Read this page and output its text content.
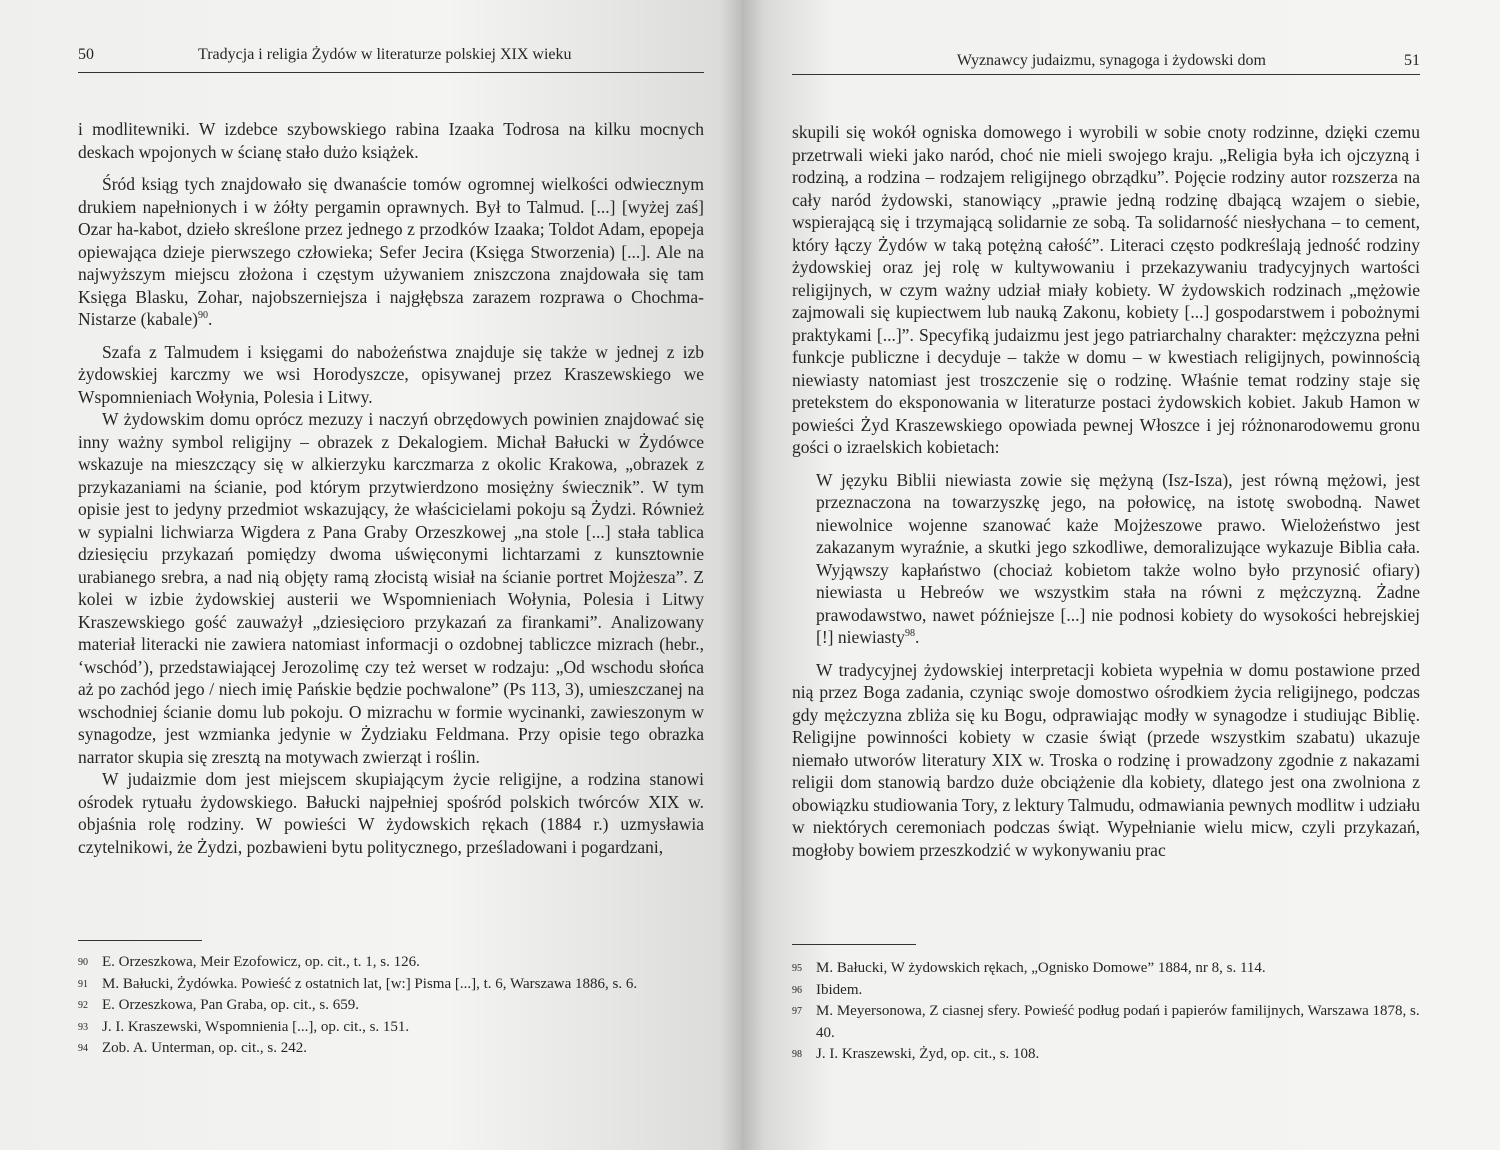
50	Tradycja i religia Żydów w literaturze polskiej XIX wieku

i modlitewniki. W izdebce szybowskiego rabina Izaaka Todrosa na kilku mocnych deskach wpojonych w ścianę stało dużo książek.

Śród ksiąg tych znajdowało się dwanaście tomów ogromnej wielkości odwiecznym drukiem napełnionych i w żółty pergamin oprawnych. Był to Talmud. [...] [wyżej zaś] Ozar ha-kabot, dzieło skreślone przez jednego z przodków Izaaka; Toldot Adam, epopeja opiewająca dzieje pierwszego człowieka; Sefer Jecira (Księga Stworzenia) [...]. Ale na najwyższym miejscu złożona i częstym używaniem zniszczona znajdowała się tam Księga Blasku, Zohar, najobszerniejsza i najgłębsza zarazem rozprawa o Chochma-Nistarze (kabale)$^{90}$.

Szafa z Talmudem i księgami do nabożeństwa znajduje się także w jednej z izb żydowskiej karczmy we wsi Horodyszcze, opisywanej przez Kraszewskiego we Wspomnieniach Wołynia, Polesia i Litwy.

W żydowskim domu oprócz mezuzy i naczyń obrzędowych powinien znajdować się inny ważny symbol religijny – obrazek z Dekalogiem. Michał Bałucki w Żydówce wskazuje na mieszczący się w alkierzyku karczmarza z okolic Krakowa, „obrazek z przykazaniami na ścianie, pod którym przytwierdzono mosiężny świecznik”. W tym opisie jest to jedyny przedmiot wskazujący, że właścicielami pokoju są Żydzi. Również w sypialni lichwiarza Wigdera z Pana Graby Orzeszkowej „na stole [...] stała tablica dziesięciu przykazań pomiędzy dwoma uświęconymi lichtarzami z kunsztownie urabianego srebra, a nad nią objęty ramą złocistą wisiał na ścianie portret Mojżesza”. Z kolei w izbie żydowskiej austerii we Wspomnieniach Wołynia, Polesia i Litwy Kraszewskiego gość zauważył „dziesięcioro przykazań za firankami”. Analizowany materiał literacki nie zawiera natomiast informacji o ozdobnej tabliczce mizrach (hebr., ‘wschód’), przedstawiającej Jerozolimę czy też werset w rodzaju: „Od wschodu słońca aż po zachód jego / niech imię Pańskie będzie pochwalone” (Ps 113, 3), umieszczanej na wschodniej ścianie domu lub pokoju. O mizrachu w formie wycinanki, zawieszonym w synagodze, jest wzmianka jedynie w Żydziaku Feldmana. Przy opisie tego obrazka narrator skupia się zresztą na motywach zwierząt i roślin.

W judaizmie dom jest miejscem skupiającym życie religijne, a rodzina stanowi ośrodek rytuału żydowskiego. Bałucki najpełniej spośród polskich twórców XIX w. objaśnia rolę rodziny. W powieści W żydowskich rękach (1884 r.) uzmysławia czytelnikowi, że Żydzi, pozbawieni bytu politycznego, prześladowani i pogardzani,

90 E. Orzeszkowa, Meir Ezofowicz, op. cit., t. 1, s. 126.
91 M. Bałucki, Żydówka. Powieść z ostatnich lat, [w:] Pisma [...], t. 6, Warszawa 1886, s. 6.
92 E. Orzeszkowa, Pan Graba, op. cit., s. 659.
93 J. I. Kraszewski, Wspomnienia [...], op. cit., s. 151.
94 Zob. A. Unterman, op. cit., s. 242.
Wyznawcy judaizmu, synagoga i żydowski dom	51

skupili się wokół ogniska domowego i wyrobili w sobie cnoty rodzinne, dzięki czemu przetrwali wieki jako naród, choć nie mieli swojego kraju. „Religia była ich ojczyzną i rodziną, a rodzina – rodzajem religijnego obrządku”. Pojęcie rodziny autor rozszerza na cały naród żydowski, stanowiący „prawie jedną rodzinę dbającą wzajem o siebie, wspierającą się i trzymającą solidarnie ze sobą. Ta solidarność niesłychana – to cement, który łączy Żydów w taką potężną całość”. Literaci często podkreślają jedność rodziny żydowskiej oraz jej rolę w kultywowaniu i przekazywaniu tradycyjnych wartości religijnych, w czym ważny udział miały kobiety. W żydowskich rodzinach „mężowie zajmowali się kupiectwem lub nauką Zakonu, kobiety [...] gospodarstwem i pobożnymi praktykami [...]”. Specyfiką judaizmu jest jego patriarchalny charakter: mężczyzna pełni funkcje publiczne i decyduje – także w domu – w kwestiach religijnych, powinnością niewiasty natomiast jest troszczenie się o rodzinę. Właśnie temat rodziny staje się pretekstem do eksponowania w literaturze postaci żydowskich kobiet. Jakub Hamon w powieści Żyd Kraszewskiego opowiada pewnej Włoszce i jej różnonarodowemu gronu gości o izraelskich kobietach:

W języku Biblii niewiasta zowie się mężyną (Isz-Isza), jest równą mężowi, jest przeznaczona na towarzyszkę jego, na połowicę, na istotę swobodną. Nawet niewolnice wojenne szanować każe Mojżeszowe prawo. Wielożeństwo jest zakazanym wyraźnie, a skutki jego szkodliwe, demoralizujące wykazuje Biblia cała. Wyjąwszy kapłaństwo (chociaż kobietom także wolno było przynosić ofiary) niewiasta u Hebreów we wszystkim stała na równi z mężczyzną. Żadne prawodawstwo, nawet późniejsze [...] nie podnosi kobiety do wysokości hebrejskiej [!] niewiasty$^{98}$.

W tradycyjnej żydowskiej interpretacji kobieta wypełnia w domu postawione przed nią przez Boga zadania, czyniąc swoje domostwo ośrodkiem życia religijnego, podczas gdy mężczyzna zbliża się ku Bogu, odprawiając modły w synagodze i studiując Biblię. Religijne powinności kobiety w czasie świąt (przede wszystkim szabatu) ukazuje niemało utworów literatury XIX w. Troska o rodzinę i prowadzony zgodnie z nakazami religii dom stanowią bardzo duże obciążenie dla kobiety, dlatego jest ona zwolniona z obowiązku studiowania Tory, z lektury Talmudu, odmawiania pewnych modlitw i udziału w niektórych ceremoniach podczas świąt. Wypełnianie wielu micw, czyli przykazań, mogłoby bowiem przeszkodzić w wykonywaniu prac

95 M. Bałucki, W żydowskich rękach, „Ognisko Domowe” 1884, nr 8, s. 114.
96 Ibidem.
97 M. Meyersonowa, Z ciasnej sfery. Powieść podług podań i papierów familijnych, Warszawa 1878, s. 40.
98 J. I. Kraszewski, Żyd, op. cit., s. 108.
